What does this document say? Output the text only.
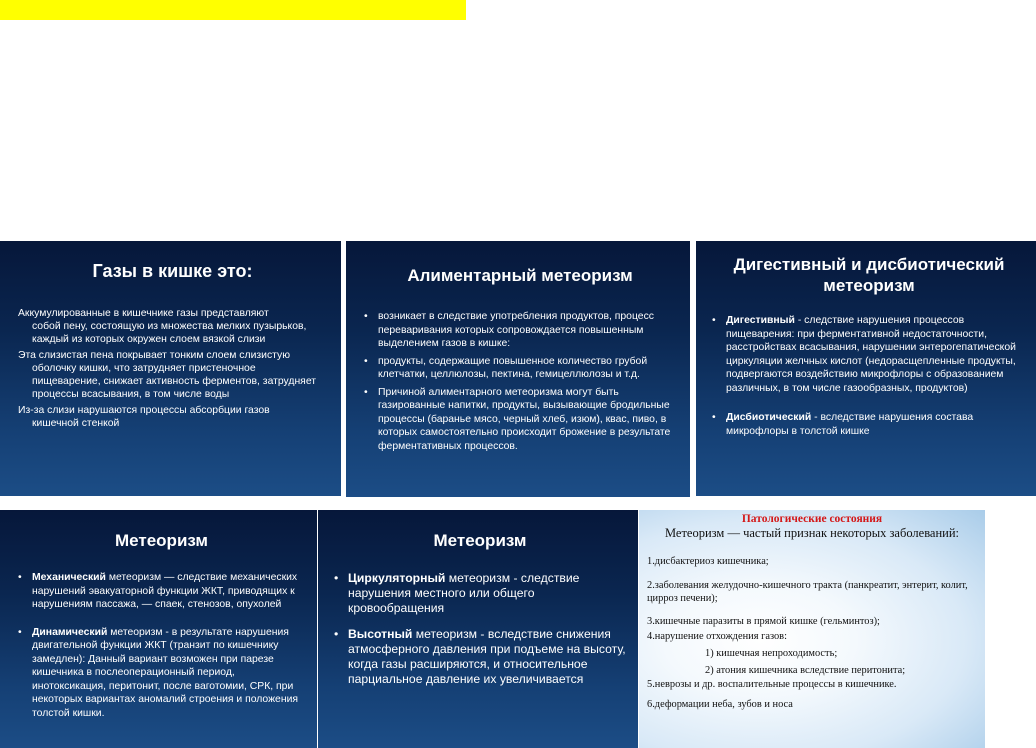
Газы в кишке это:
Аккумулированные в кишечнике газы представляют
собой пену, состоящую из множества мелких пузырьков, каждый из которых окружен слоем вязкой слизи
Эта слизистая пена покрывает тонким слоем слизистую
оболочку кишки, что затрудняет пристеночное пищеварение, снижает активность ферментов, затрудняет процессы всасывания, в том числе воды
Из-за слизи нарушаются процессы абсорбции газов
кишечной стенкой
Алиментарный метеоризм
• возникает в следствие употребления продуктов, процесс переваривания которых сопровождается повышенным выделением газов в кишке:
• продукты, содержащие повышенное количество грубой клетчатки, целлюлозы, пектина, гемицеллюлозы и т.д.
• Причиной алиментарного метеоризма могут быть газированные напитки, продукты, вызывающие бродильные процессы (баранье мясо, черный хлеб, изюм), квас, пиво, в которых самостоятельно происходит брожение в результате ферментативных процессов.
Дигестивный и дисбиотический метеоризм
• Дигестивный - следствие нарушения процессов пищеварения: при ферментативной недостаточности, расстройствах всасывания, нарушении энтерогепатической циркуляции желчных кислот (недорасщепленные продукты, подвергаются воздействию микрофлоры с образованием различных, в том числе газообразных, продуктов)
• Дисбиотический - вследствие нарушения состава микрофлоры в толстой кишке
Метеоризм
• Механический метеоризм — следствие механических нарушений эвакуаторной функции ЖКТ, приводящих к нарушениям пассажа, — спаек, стенозов, опухолей
• Динамический метеоризм - в результате нарушения двигательной функции ЖКТ (транзит по кишечнику замедлен): Данный вариант возможен при парезе кишечника в послеоперационный период, инотоксикация, перитонит, после ваготомии, СРК, при некоторых вариантах аномалий строения и положения толстой кишки.
Метеоризм
• Циркуляторный метеоризм - следствие нарушения местного или общего кровообращения
• Высотный метеоризм - вследствие снижения атмосферного давления при подъеме на высоту, когда газы расширяются, и относительное парциальное давление их увеличивается

Патологические состояния

Метеоризм — частый признак некоторых заболеваний:

1.дисбактериоз кишечника;

2.заболевания желудочно-кишечного тракта (панкреатит, энтерит, колит, цирроз печени);

3.кишечные паразиты в прямой кишке (гельминтоз);

4.нарушение отхождения газов:

1) кишечная непроходимость;

2) атония кишечника вследствие перитонита;

5.неврозы и др. воспалительные процессы в кишечнике.

6.деформации неба, зубов и носа
